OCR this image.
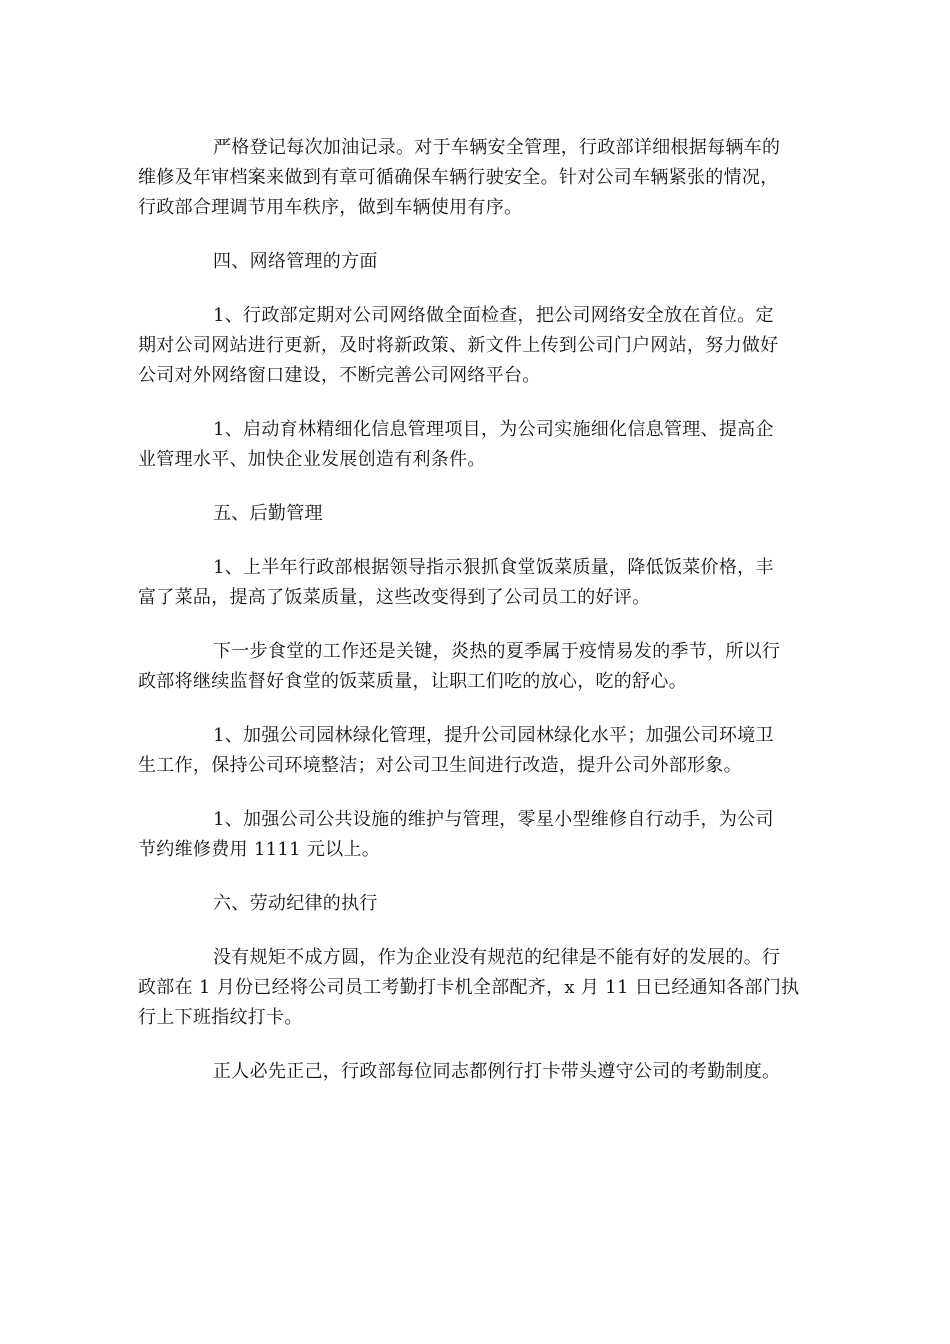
严格登记每次加油记录。对于车辆安全管理，行政部详细根据每辆车的
维修及年审档案来做到有章可循确保车辆行驶安全。针对公司车辆紧张的情况，
行政部合理调节用车秩序，做到车辆使用有序。

四、网络管理的方面

1、行政部定期对公司网络做全面检查，把公司网络安全放在首位。定
期对公司网站进行更新，及时将新政策、新文件上传到公司门户网站，努力做好
公司对外网络窗口建设，不断完善公司网络平台。

1、启动育林精细化信息管理项目，为公司实施细化信息管理、提高企
业管理水平、加快企业发展创造有利条件。

五、后勤管理

1、上半年行政部根据领导指示狠抓食堂饭菜质量，降低饭菜价格，丰
富了菜品，提高了饭菜质量，这些改变得到了公司员工的好评。

下一步食堂的工作还是关键，炎热的夏季属于疫情易发的季节，所以行
政部将继续监督好食堂的饭菜质量，让职工们吃的放心，吃的舒心。

1、加强公司园林绿化管理，提升公司园林绿化水平；加强公司环境卫
生工作，保持公司环境整洁；对公司卫生间进行改造，提升公司外部形象。

1、加强公司公共设施的维护与管理，零星小型维修自行动手，为公司
节约维修费用 1111 元以上。

六、劳动纪律的执行

没有规矩不成方圆，作为企业没有规范的纪律是不能有好的发展的。行
政部在 1 月份已经将公司员工考勤打卡机全部配齐，x 月 11 日已经通知各部门执
行上下班指纹打卡。

正人必先正己，行政部每位同志都例行打卡带头遵守公司的考勤制度。
